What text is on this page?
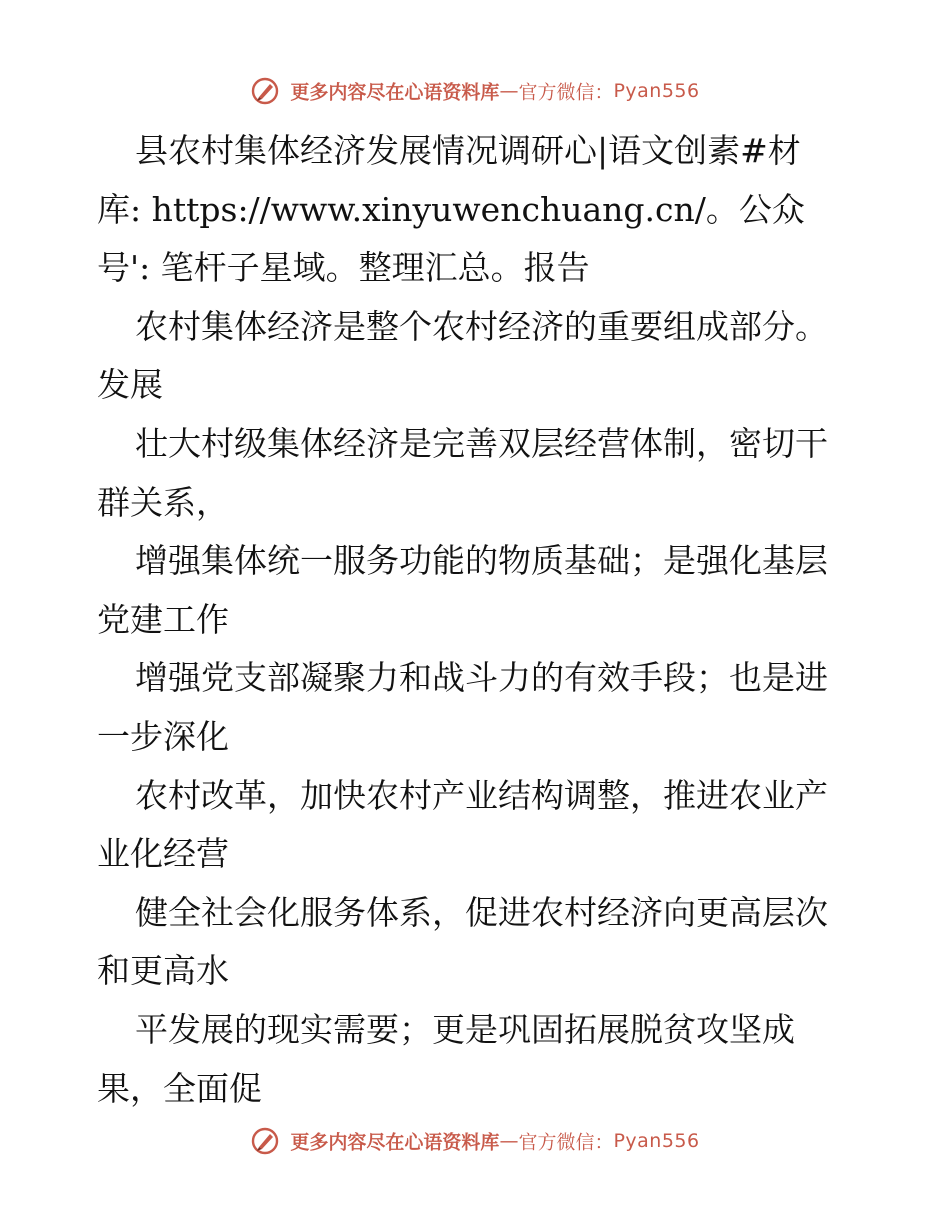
更多内容尽在心语资料库—官方微信：Pyan556
县农村集体经济发展情况调研心|语文创素#材
库: https://www.xinyuwenchuang.cn/。公众
号': 笔杆子星域。整理汇总。报告
农村集体经济是整个农村经济的重要组成部分。
发展
壮大村级集体经济是完善双层经营体制，密切干
群关系，
增强集体统一服务功能的物质基础；是强化基层
党建工作
增强党支部凝聚力和战斗力的有效手段；也是进
一步深化
农村改革，加快农村产业结构调整，推进农业产
业化经营
健全社会化服务体系，促进农村经济向更高层次
和更高水
平发展的现实需要；更是巩固拓展脱贫攻坚成
果，全面促
更多内容尽在心语资料库—官方微信：Pyan556
